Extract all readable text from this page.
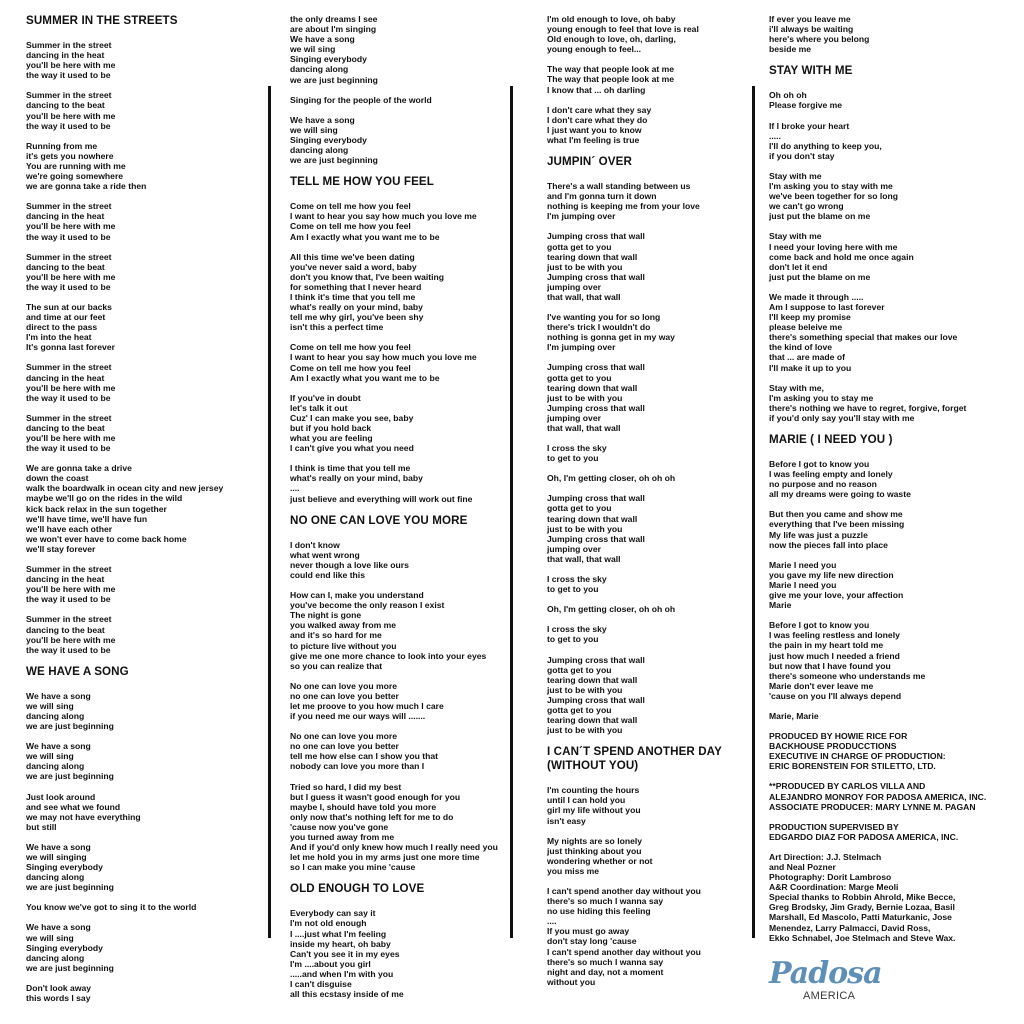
SUMMER IN THE STREETS
Summer in the street
dancing in the heat
you'll be here with me
the way it used to be
Summer in the street
dancing to the beat
you'll be here with me
the way it used to be
Running from me
it's gets you nowhere
You are running with me
we're going somewhere
we are gonna take a ride then
Summer in the street
dancing in the heat
you'll be here with me
the way it used to be
Summer in the street
dancing to the beat
you'll be here with me
the way it used to be
The sun at our backs
and time at our feet
direct to the pass
I'm into the heat
It's gonna last forever
Summer in the street
dancing in the heat
you'll be here with me
the way it used to be
Summer in the street
dancing to the beat
you'll be here with me
the way it used to be
We are gonna take a drive
down the coast
walk the boardwalk in ocean city and new jersey
maybe we'll go on the rides in the wild
kick back relax in the sun together
we'll have time, we'll have fun
we'll have each other
we won't ever have to come back home
we'll stay forever
Summer in the street
dancing in the heat
you'll be here with me
the way it used to be
Summer in the street
dancing to the beat
you'll be here with me
the way it used to be
WE HAVE A SONG
We have a song
we will sing
dancing along
we are just beginning
We have a song
we will sing
dancing along
we are just beginning
Just look around
and see what we found
we may not have everything
but still
We have a song
we will singing
Singing everybody
dancing along
we are just beginning
You know we've got to sing it to the world
We have a song
we will sing
Singing everybody
dancing along
we are just beginning
Don't look away
this words I say
the only dreams I see
are about I'm singing
We have a song
we wil sing
Singing everybody
dancing along
we are just beginning
Singing for the people of the world
We have a song
we will sing
Singing everybody
dancing along
we are just beginning
TELL ME HOW YOU FEEL
Come on tell me how you feel
I want to hear you say how much you love me
Come on tell me how you feel
Am I exactly what you want me to be
All this time we've been dating
you've never said a word, baby
don't you know that, I've been waiting
for something that I never heard
I think it's time that you tell me
what's really on your mind, baby
tell me why girl, you've been shy
isn't this a perfect time
Come on tell me how you feel
I want to hear you say how much you love me
Come on tell me how you feel
Am I exactly what you want me to be
If you've in doubt
let's talk it out
Cuz' I can make you see, baby
but if you hold back
what you are feeling
I can't give you what you need
I think is time that you tell me
what's really on your mind, baby
....
just believe and everything will work out fine
NO ONE CAN LOVE YOU MORE
I don't know
what went wrong
never though a love like ours
could end like this
How can I, make you understand
you've become the only reason I exist
The night is gone
you walked away from me
and it's so hard for me
to picture live without you
give me one more chance to look into your eyes
so you can realize that
No one can love you more
no one can love you better
let me proove to you how much I care
if you need me our ways will .......
No one can love you more
no one can love you better
tell me how else can I show you that
nobody can love you more than I
Tried so hard, I did my best
but I guess it wasn't good enough for you
maybe I, should have told you more
only now that's nothing left for me to do
'cause now you've gone
you turned away from me
And if you'd only knew how much I really need you
let me hold you in my arms just one more time
so I can make you mine 'cause
OLD ENOUGH TO LOVE
Everybody can say it
I'm not old enough
I ....just what I'm feeling
inside my heart, oh baby
Can't you see it in my eyes
I'm ....about you girl
.....and when I'm with you
I can't disguise
all this ecstasy inside of me
I'm old enough to love, oh baby
young enough to feel that love is real
Old enough to love, oh, darling,
young enough to feel...
The way that people look at me
The way that people look at me
I know that ... oh darling
I don't care what they say
I don't care what they do
I just want you to know
what I'm feeling is true
JUMPIN´ OVER
There's a wall standing between us
and I'm gonna turn it down
nothing is keeping me from your love
I'm jumping over
Jumping cross that wall
gotta get to you
tearing down that wall
just to be with you
Jumping cross that wall
jumping over
that wall, that wall
I've wanting you for so long
there's trick I wouldn't do
nothing is gonna get in my way
I'm jumping over
Jumping cross that wall
gotta get to you
tearing down that wall
just to be with you
Jumping cross that wall
jumping over
that wall, that wall
I cross the sky
to get to you
Oh, I'm getting closer, oh oh oh
Jumping cross that wall
gotta get to you
tearing down that wall
just to be with you
Jumping cross that wall
jumping over
that wall, that wall
I cross the sky
to get to you
Oh, I'm getting closer, oh oh oh
I cross the sky
to get to you
Jumping cross that wall
gotta get to you
tearing down that wall
just to be with you
Jumping cross that wall
gotta get to you
tearing down that wall
just to be with you
I CAN´T SPEND ANOTHER DAY (WITHOUT YOU)
I'm counting the hours
until I can hold you
girl my life without you
isn't easy
My nights are so lonely
just thinking about you
wondering whether or not
you miss me
I can't spend another day without you
there's so much I wanna say
no use hiding this feeling
....
If you must go away
don't stay long 'cause
I can't spend another day without you
there's so much I wanna say
night and day, not a moment
without you
If ever you leave me
i'll always be waiting
here's where you belong
beside me
STAY WITH ME
Oh oh oh
Please forgive me
If I broke your heart
.....
I'll do anything to keep you,
if you don't stay
Stay with me
I'm asking you to stay with me
we've been together for so long
we can't go wrong
just put the blame on me
Stay with me
I need your loving here with me
come back and hold me once again
don't let it end
just put the blame on me
We made it through .....
Am I suppose to last forever
I'll keep my promise
please beleive me
there's something special that makes our love
the kind of love
that ... are made of
I'll make it up to you
Stay with me,
I'm asking you to stay me
there's nothing we have to regret, forgive, forget
if you'd only say you'll stay with me
MARIE ( I NEED YOU )
Before I got to know you
I was feeling empty and lonely
no purpose and no reason
all my dreams were going to waste
But then you came and show me
everything that I've been missing
My life was just a puzzle
now the pieces fall into place
Marie I need you
you gave my life new direction
Marie I need you
give me your love, your affection
Marie
Before I got to know you
I was feeling restless and lonely
the pain in my heart told me
just how much I needed a friend
but now that I have found you
there's someone who understands me
Marie don't ever leave me
'cause on you I'll always depend
Marie, Marie
PRODUCED BY HOWIE RICE FOR
BACKHOUSE PRODUCCTIONS
EXECUTIVE IN CHARGE OF PRODUCTION:
ERIC BORENSTEIN FOR STILETTO, LTD.
**PRODUCED BY CARLOS VILLA AND
ALEJANDRO MONROY FOR PADOSA AMERICA, INC.
ASSOCIATE PRODUCER: MARY LYNNE M. PAGAN
PRODUCTION SUPERVISED BY
EDGARDO DIAZ FOR PADOSA AMERICA, INC.
Art Direction: J.J. Stelmach
and Neal Pozner
Photography: Dorit Lambroso
A&R Coordination: Marge Meoli
Special thanks to Robbin Ahrold, Mike Becce,
Greg Brodsky, Jim Grady, Bernie Lozaa, Basil
Marshall, Ed Mascolo, Patti Maturkanic, Jose
Menendez, Larry Palmacci, David Ross,
Ekko Schnabel, Joe Stelmach and Steve Wax.
Padosa
AMERICA
